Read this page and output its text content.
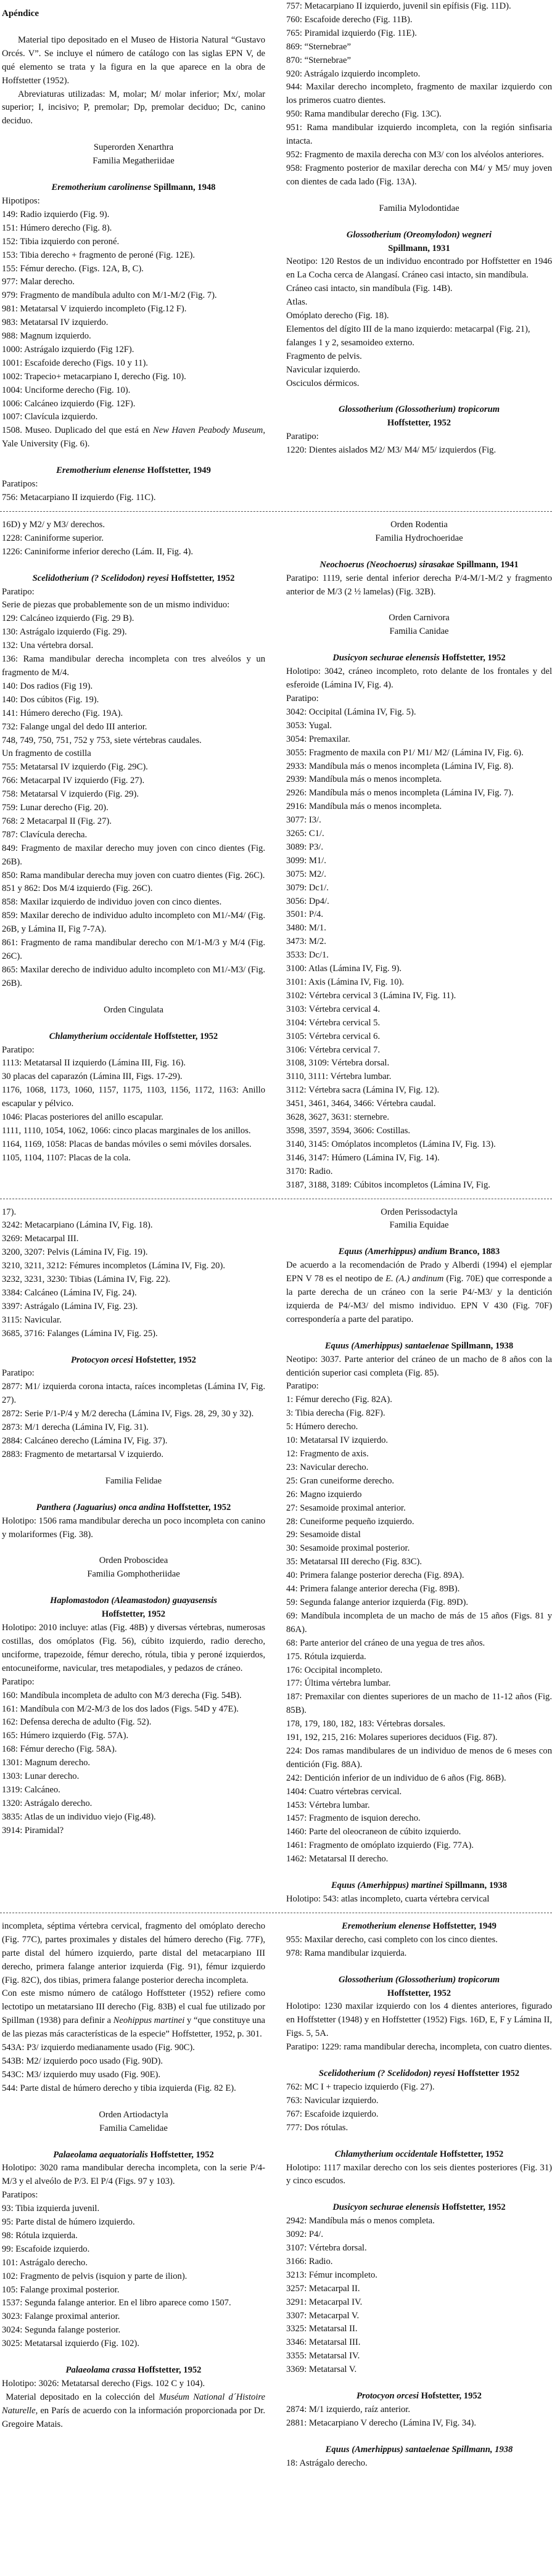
Apéndice

Material tipo depositado en el Museo de Historia Natural “Gustavo Orcés. V”. Se incluye el número de catálogo con las siglas EPN V, de qué elemento se trata y la figura en la que aparece en la obra de Hoffstetter (1952).

Abreviaturas utilizadas: M, molar; M/ molar inferior; Mx/, molar superior; I, incisivo; P, premolar; Dp, premolar deciduo; Dc, canino deciduo.

Superorden Xenarthra
Familia Megatheriidae
Eremotherium carolinense Spillmann, 1948
Hipotipos:
149: Radio izquierdo (Fig. 9).
151: Húmero derecho (Fig. 8).
152: Tibia izquierdo con peroné.
153: Tibia derecho + fragmento de peroné (Fig. 12E).
155: Fémur derecho. (Figs. 12A, B, C).
977: Malar derecho.
979: Fragmento de mandíbula adulto con M/1-M/2 (Fig. 7).
981: Metatarsal V izquierdo incompleto (Fig.12 F).
983: Metatarsal IV izquierdo.
988: Magnum izquierdo.
1000: Astrágalo izquierdo (Fig 12F).
1001: Escafoide derecho (Figs. 10 y 11).
1002: Trapecio+ metacarpiano I, derecho (Fig. 10).
1004: Unciforme derecho (Fig. 10).
1006: Calcáneo izquierdo (Fig. 12F).
1007: Clavícula izquierdo.

1508. Museo. Duplicado del que está en New Haven Peabody Museum, Yale University (Fig. 6).

Eremotherium elenense Hoffstetter, 1949
Paratipos:
756: Metacarpiano II izquierdo (Fig. 11C).
757: Metacarpiano II izquierdo, juvenil sin epífisis (Fig. 11D).
760: Escafoide derecho (Fig. 11B).
765: Piramidal izquierdo (Fig. 11E).
869: “Sternebrae”
870: “Sternebrae”
920: Astrágalo izquierdo incompleto.
944: Maxilar derecho incompleto, fragmento de maxilar izquierdo con los primeros cuatro dientes.
950: Rama mandibular derecho (Fig. 13C).
951: Rama mandibular izquierdo incompleta, con la región sinfisaria intacta.
952: Fragmento de maxila derecha con M3/ con los alvéolos anteriores.
958: Fragmento posterior de maxilar derecha con M4/ y M5/ muy joven con dientes de cada lado (Fig. 13A).
Familia Mylodontidae
Glossotherium (Oreomylodon) wegneri
Spillmann, 1931

Neotipo: 120 Restos de un individuo encontrado por Hoffstetter en 1946 en La Cocha cerca de Alangasí. Cráneo casi intacto, sin mandíbula.

Cráneo casi intacto, sin mandíbula (Fig. 14B).
Atlas.
Omóplato derecho (Fig. 18).
Elementos del dígito III de la mano izquierdo: metacarpal (Fig. 21), falanges 1 y 2, sesamoideo externo.
Fragmento de pelvis.
Navicular izquierdo.
Osciculos dérmicos.
Glossotherium (Glossotherium) tropicorum
Hoffstetter, 1952
Paratipo:
1220: Dientes aislados M2/ M3/ M4/ M5/ izquierdos (Fig.
16D) y M2/ y M3/ derechos.
1228: Caniniforme superior.
1226: Caniniforme inferior derecho (Lám. II, Fig. 4).
Scelidotherium (? Scelidodon) reyesi Hoffstetter, 1952
Paratipo:

Serie de piezas que probablemente son de un mismo individuo:

129: Calcáneo izquierdo (Fig. 29 B).
130: Astrágalo izquierdo (Fig. 29).
132: Una vértebra dorsal.
136: Rama mandibular derecha incompleta con tres alveólos y un fragmento de M/4.
140: Dos radios (Fig 19).
140: Dos cúbitos (Fig. 19).
141: Húmero derecho (Fig. 19A).
732: Falange ungal del dedo III anterior.
748, 749, 750, 751, 752 y 753, siete vértebras caudales.
Un fragmento de costilla
755: Metatarsal IV izquierdo (Fig. 29C).
766: Metacarpal IV izquierdo (Fig. 27).
758: Metatarsal V izquierdo (Fig. 29).
759: Lunar derecho (Fig. 20).
768: 2 Metacarpal II (Fig. 27).
787: Clavícula derecha.
849: Fragmento de maxilar derecho muy joven con cinco dientes (Fig. 26B).
850: Rama mandibular derecha muy joven con cuatro dientes (Fig. 26C).
851 y 862: Dos M/4 izquierdo (Fig. 26C).
858: Maxilar izquierdo de individuo joven con cinco dientes.
859: Maxilar derecho de individuo adulto incompleto con M1/-M4/ (Fig. 26B, y Lámina II, Fig 7-7A).
861: Fragmento de rama mandibular derecho con M/1-M/3 y M/4 (Fig. 26C).
865: Maxilar derecho de individuo adulto incompleto con M1/-M3/ (Fig. 26B).
Orden Cingulata
Chlamytherium occidentale Hoffstetter, 1952
Paratipo:
1113: Metatarsal II izquierdo (Lámina III, Fig. 16).
30 placas del caparazón (Lámina III, Figs. 17-29).
1176, 1068, 1173, 1060, 1157, 1175, 1103, 1156, 1172, 1163: Anillo escapular y pélvico.
1046: Placas posteriores del anillo escapular.
1111, 1110, 1054, 1062, 1066: cinco placas marginales de los anillos.
1164, 1169, 1058: Placas de bandas móviles o semi móviles dorsales.
1105, 1104, 1107: Placas de la cola.
Orden Rodentia
Familia Hydrochoeridae
Neochoerus (Neochoerus) sirasakae Spillmann, 1941

Paratipo: 1119, serie dental inferior derecha P/4-M/1-M/2 y fragmento anterior de M/3 (2 ½ lamelas) (Fig. 32B).

Orden Carnivora
Familia Canidae
Dusicyon sechurae elenensis Hoffstetter, 1952

Holotipo: 3042, cráneo incompleto, roto delante de los frontales y del esferoide (Lámina IV, Fig. 4).

Paratipo:
3042: Occipital (Lámina IV, Fig. 5).
3053: Yugal.
3054: Premaxilar.
3055: Fragmento de maxila con P1/ M1/ M2/ (Lámina IV, Fig. 6).
2933: Mandíbula más o menos incompleta (Lámina IV, Fig. 8).
2939: Mandíbula más o menos incompleta.
2926: Mandíbula más o menos incompleta (Lámina IV, Fig. 7).
2916: Mandíbula más o menos incompleta.
3077: I3/.
3265: C1/.
3089: P3/.
3099: M1/.
3075: M2/.
3079: Dc1/.
3056: Dp4/.
3501: P/4.
3480: M/1.
3473: M/2.
3533: Dc/1.
3100: Atlas (Lámina IV, Fig. 9).
3101: Axis (Lámina IV, Fig. 10).
3102: Vértebra cervical 3 (Lámina IV, Fig. 11).
3103: Vértebra cervical 4.
3104: Vértebra cervical 5.
3105: Vértebra cervical 6.
3106: Vértebra cervical 7.
3108, 3109: Vértebra dorsal.
3110, 3111: Vértebra lumbar.
3112: Vértebra sacra (Lámina IV, Fig. 12).
3451, 3461, 3464, 3466: Vértebra caudal.
3628, 3627, 3631: sternebre.
3598, 3597, 3594, 3606: Costillas.
3140, 3145: Omóplatos incompletos (Lámina IV, Fig. 13).
3146, 3147: Húmero (Lámina IV, Fig. 14).
3170: Radio.
3187, 3188, 3189: Cúbitos incompletos (Lámina IV, Fig.
17).
3242: Metacarpiano (Lámina IV, Fig. 18).
3269: Metacarpal III.
3200, 3207: Pelvis (Lámina IV, Fig. 19).
3210, 3211, 3212: Fémures incompletos (Lámina IV, Fig. 20).
3232, 3231, 3230: Tibias (Lámina IV, Fig. 22).
3384: Calcáneo (Lámina IV, Fig. 24).
3397: Astrágalo (Lámina IV, Fig. 23).
3115: Navicular.
3685, 3716: Falanges (Lámina IV, Fig. 25).
Protocyon orcesi Hofstetter, 1952
Paratipo:
2877: M1/ izquierda corona intacta, raíces incompletas (Lámina IV, Fig. 27).
2872: Serie P/1-P/4 y M/2 derecha (Lámina IV, Figs. 28, 29, 30 y 32).
2873: M/1 derecha (Lámina IV, Fig. 31).
2884: Calcáneo derecho (Lámina IV, Fig. 37).
2883: Fragmento de metartarsal V izquierdo.
Familia Felidae
Panthera (Jaguarius) onca andina Hoffstetter, 1952

Holotipo: 1506 rama mandibular derecha un poco incompleta con canino y molariformes (Fig. 38).

Orden Proboscidea
Familia Gomphotheriidae
Haplomastodon (Aleamastodon) guayasensis
Hoffstetter, 1952

Holotipo: 2010 incluye: atlas (Fig. 48B) y diversas vértebras, numerosas costillas, dos omóplatos (Fig. 56), cúbito izquierdo, radio derecho, unciforme, trapezoide, fémur derecho, rótula, tibia y peroné izquierdos, entocuneiforme, navicular, tres metapodiales, y pedazos de cráneo.

Paratipo:
160: Mandíbula incompleta de adulto con M/3 derecha (Fig. 54B).
161: Mandíbula con M/2-M/3 de los dos lados (Figs. 54D y 47E).
162: Defensa derecha de adulto (Fig. 52).
165: Húmero izquierdo (Fig. 57A).
168: Fémur derecho (Fig. 58A).
1301: Magnum derecho.
1303: Lunar derecho.
1319: Calcáneo.
1320: Astrágalo derecho.
3835: Atlas de un individuo viejo (Fig.48).
3914: Piramidal?
Orden Perissodactyla
Familia Equidae
Equus (Amerhippus) andium Branco, 1883

De acuerdo a la recomendación de Prado y Alberdi (1994) el ejemplar EPN V 78 es el neotipo de E. (A.) andinum (Fig. 70E) que corresponde a la parte derecha de un cráneo con la serie P4/-M3/ y la dentición izquierda de P4/-M3/ del mismo individuo. EPN V 430 (Fig. 70F) correspondería a parte del paratipo.

Equus (Amerhippus) santaelenae Spillmann, 1938

Neotipo: 3037. Parte anterior del cráneo de un macho de 8 años con la dentición superior casi completa (Fig. 85).

Paratipo:
1: Fémur derecho (Fig. 82A).
3: Tibia derecha (Fig. 82F).
5: Húmero derecho.
10: Metatarsal IV izquierdo.
12: Fragmento de axis.
23: Navicular derecho.
25: Gran cuneiforme derecho.
26: Magno izquierdo
27: Sesamoide proximal anterior.
28: Cuneiforme pequeño izquierdo.
29: Sesamoide distal
30: Sesamoide proximal posterior.
35: Metatarsal III derecho (Fig. 83C).
40: Primera falange posterior derecha (Fig. 89A).
44: Primera falange anterior derecha (Fig. 89B).
59: Segunda falange anterior izquierda (Fig. 89D).
69: Mandíbula incompleta de un macho de más de 15 años (Figs. 81 y 86A).
68: Parte anterior del cráneo de una yegua de tres años.
175. Rótula izquierda.
176: Occipital incompleto.
177: Última vértebra lumbar.
187: Premaxilar con dientes superiores de un macho de 11-12 años (Fig. 85B).
178, 179, 180, 182, 183: Vértebras dorsales.
191, 192, 215, 216: Molares superiores deciduos (Fig. 87).
224: Dos ramas mandibulares de un individuo de menos de 6 meses con dentición (Fig. 88A).
242: Dentición inferior de un individuo de 6 años (Fig. 86B).
1404: Cuatro vértebras cervical.
1453: Vértebra lumbar.
1457: Fragmento de isquion derecho.
1460: Parte del oleocraneon de cúbito izquierdo.
1461: Fragmento de omóplato izquierdo (Fig. 77A).
1462: Metatarsal II derecho.
Equus (Amerhippus) martinei Spillmann, 1938

Holotipo: 543: atlas incompleto, cuarta vértebra cervical

incompleta, séptima vértebra cervical, fragmento del omóplato derecho (Fig. 77C), partes proximales y distales del húmero derecho (Fig. 77F), parte distal del húmero izquierdo, parte distal del metacarpiano III derecho, primera falange anterior izquierda (Fig. 91), fémur izquierdo (Fig. 82C), dos tibias, primera falange posterior derecha incompleta.

Con este mismo número de catálogo Hoffstteter (1952) refiere como lectotipo un metatarsiano III derecho (Fig. 83B) el cual fue utilizado por Spillman (1938) para definir a Neohippus martinei y “que constituye una de las piezas más características de la especie” Hoffstetter, 1952, p. 301.

543A: P3/ izquierdo medianamente usado (Fig. 90C).
543B: M2/ izquierdo poco usado (Fig. 90D).
543C: M3/ izquierdo muy usado (Fig. 90E).
544: Parte distal de húmero derecho y tibia izquierda (Fig. 82 E).
Orden Artiodactyla
Familia Camelidae
Palaeolama aequatorialis Hoffstetter, 1952

Holotipo: 3020 rama mandibular derecha incompleta, con la serie P/4-M/3 y el alveólo de P/3. El P/4 (Figs. 97 y 103).

Paratipos:
93: Tibia izquierda juvenil.
95: Parte distal de húmero izquierdo.
98: Rótula izquierda.
99: Escafoide izquierdo.
101: Astrágalo derecho.
102: Fragmento de pelvis (isquion y parte de ilion).
105: Falange proximal posterior.
1537: Segunda falange anterior. En el libro aparece como 1507.
3023: Falange proximal anterior.
3024: Segunda falange posterior.
3025: Metatarsal izquierdo (Fig. 102).
Palaeolama crassa Hoffstetter, 1952

Holotipo: 3026: Metatarsal derecho (Figs. 102 C y 104).

Material depositado en la colección del Muséum National d´Histoire Naturelle, en París de acuerdo con la información proporcionada por Dr. Gregoire Matais.

Eremotherium elenense Hoffstetter, 1949
955: Maxilar derecho, casi completo con los cinco dientes.
978: Rama mandibular izquierda.
Glossotherium (Glossotherium) tropicorum
Hoffstetter, 1952

Holotipo: 1230 maxilar izquierdo con los 4 dientes anteriores, figurado en Hoffstetter (1948) y en Hoffstetter (1952) Figs. 16D, E, F y Lámina II, Figs. 5, 5A.

Paratipo: 1229: rama mandibular derecha, incompleta, con cuatro dientes.

Scelidotherium (? Scelidodon) reyesi Hoffstetter 1952
762: MC I + trapecio izquierdo (Fig. 27).
763: Navicular izquierdo.
767: Escafoide izquierdo.
777: Dos rótulas.
Chlamytherium occidentale Hoffstetter, 1952

Holotipo: 1117 maxilar derecho con los seis dientes posteriores (Fig. 31) y cinco escudos.

Dusicyon sechurae elenensis Hoffstetter, 1952
2942: Mandíbula más o menos completa.
3092: P4/.
3107: Vértebra dorsal.
3166: Radio.
3213: Fémur incompleto.
3257: Metacarpal II.
3291: Metacarpal IV.
3307: Metacarpal V.
3325: Metatarsal II.
3346: Metatarsal III.
3355: Metatarsal IV.
3369: Metatarsal V.
Protocyon orcesi Hofstetter, 1952
2874: M/1 izquierdo, raíz anterior.
2881: Metacarpiano V derecho (Lámina IV, Fig. 34).
Equus (Amerhippus) santaelenae Spillmann, 1938
18: Astrágalo derecho.
